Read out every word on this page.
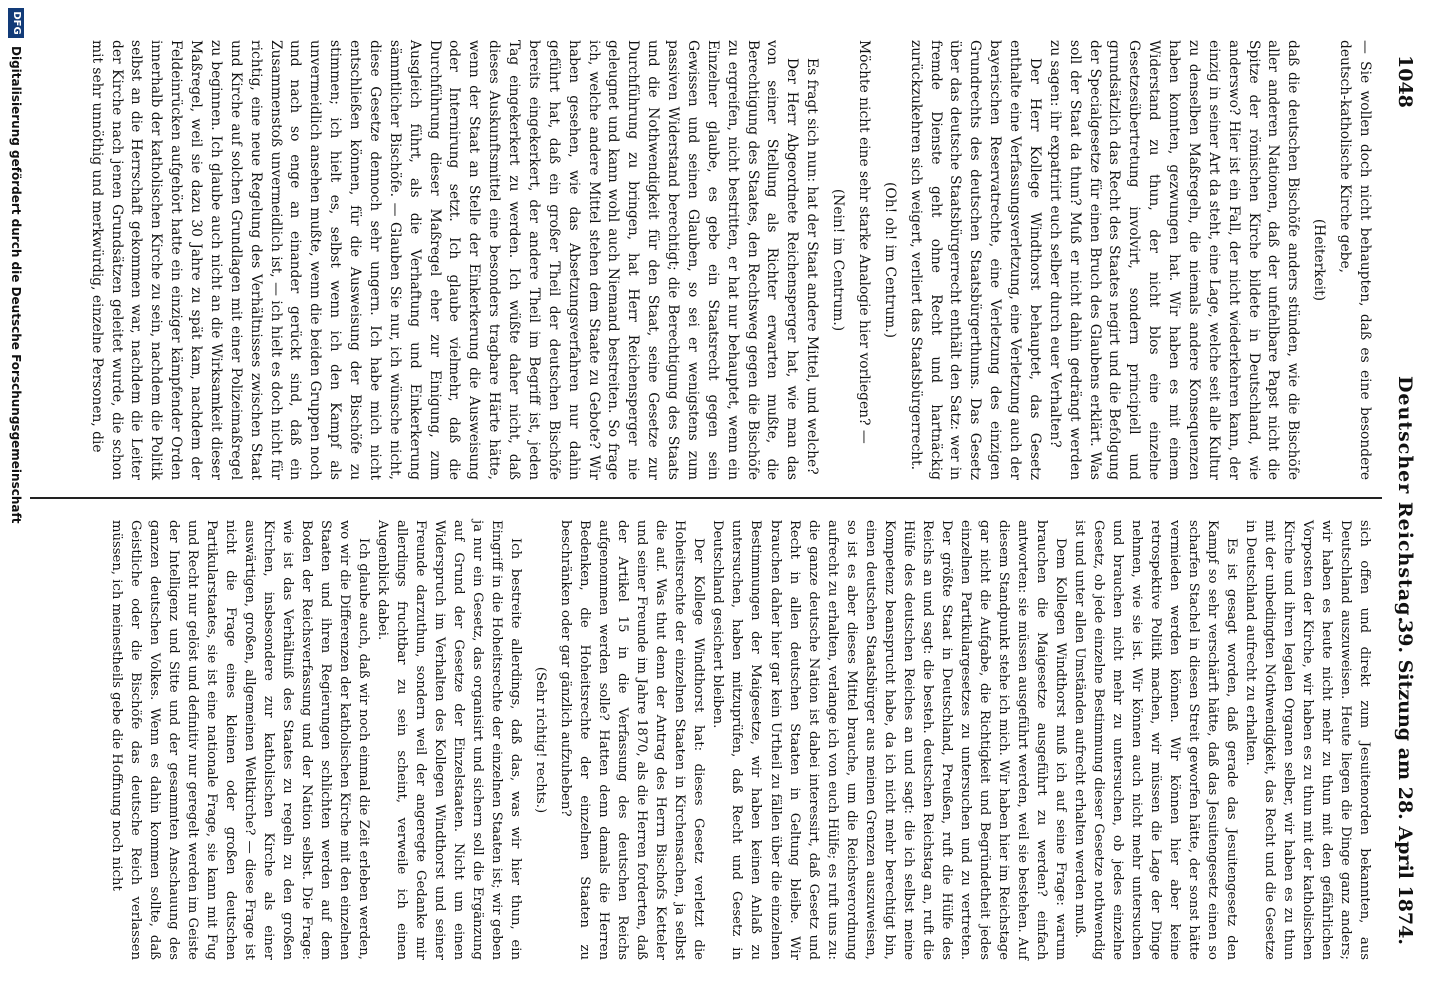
1048
Deutscher Reichstag.
39. Sitzung am 28. April 1874.

— Sie wollen doch nicht behaupten, daß es eine besondere deutsch-katholische Kirche gebe,

(Heiterkeit)

daß die deutschen Bischöfe anders stünden, wie die Bischöfe aller anderen Nationen, daß der unfehlbare Papst nicht die Spitze der römischen Kirche bildete in Deutschland, wie anderswo? Hier ist ein Fall, der nicht wiederkehren kann, der einzig in seiner Art da steht, eine Lage, welche seit alle Kultur zu denselben Maßregeln, die niemals andere Konsequenzen haben konnten, gezwungen hat. Wir haben es mit einem Widerstand zu thun, der nicht blos eine einzelne Gesetzesübertretung involvirt, sondern principiell und grundsätzlich das Recht des Staates negirt und die Befolgung der Specialgesetze für einen Bruch des Glaubens erklärt. Was soll der Staat da thun? Muß er nicht dahin gedrängt werden zu sagen: ihr expatriirt euch selber durch euer Verhalten?

Der Herr Kollege Windthorst behauptet, das Gesetz enthalte eine Verfassungsverletzung, eine Verletzung auch der bayerischen Reservatrechte, eine Verletzung des einzigen Grundrechts des deutschen Staatsbürgerthums. Das Gesetz über das deutsche Staatsbürgerrecht enthält den Satz: wer in fremde Dienste geht ohne Recht und hartnäckig zurückzukehren sich weigert, verliert das Staatsbürgerrecht.

(Oh! oh! im Centrum.)

Möchte nicht eine sehr starke Analogie hier vorliegen? —

(Nein! im Centrum.)

Es fragt sich nun: hat der Staat andere Mittel, und welche?

Der Herr Abgeordnete Reichensperger hat, wie man das von seiner Stellung als Richter erwarten mußte, die Berechtigung des Staates, den Rechtsweg gegen die Bischöfe zu ergreifen, nicht bestritten, er hat nur behauptet, wenn ein Einzelner glaube, es gebe ein Staatsrecht gegen sein Gewissen und seinen Glauben, so sei er wenigstens zum passiven Widerstand berechtigt; die Berechtigung des Staats und die Nothwendigkeit für den Staat, seine Gesetze zur Durchführung zu bringen, hat Herr Reichensperger nie geleugnet und kann wohl auch Niemand bestreiten. So frage ich, welche andere Mittel stehen dem Staate zu Gebote? Wir haben gesehen, wie das Absetzungsverfahren nur dahin geführt hat, daß ein großer Theil der deutschen Bischöfe bereits eingekerkert, der andere Theil im Begriff ist, jeden Tag eingekerkert zu werden. Ich wüßte daher nicht, daß dieses Auskunftsmittel eine besonders tragbare Härte hätte, wenn der Staat an Stelle der Einkerkerung die Ausweisung oder Internirung setzt. Ich glaube vielmehr, daß die Durchführung dieser Maßregel eher zur Einigung, zum Ausgleich führt, als die Verhaftung und Einkerkerung sämmtlicher Bischöfe. — Glauben Sie nur, ich wünsche nicht, diese Gesetze dennoch sehr ungern. Ich habe mich nicht entschließen können, für die Ausweisung der Bischöfe zu stimmen; ich hielt es, selbst wenn ich den Kampf als unvermeidlich ansehen mußte, wenn die beiden Gruppen noch und nach so enge an einander gerückt sind, daß ein Zusammenstoß unvermeidlich ist, — ich hielt es doch nicht für richtig, eine neue Regelung des Verhältnisses zwischen Staat und Kirche auf solchen Grundlagen mit einer Polizeimaßregel zu beginnen. Ich glaube auch nicht an die Wirksamkeit dieser Maßregel, weil sie dazu 30 Jahre zu spät kam, nachdem der Feldeinrücken aufgehört hatte ein einziger kämpfender Orden innerhalb der katholischen Kirche zu sein, nachdem die Politik selbst an die Herrschaft gekommen war, nachdem die Leiter der Kirche nach jenen Grundsätzen geleitet wurde, die schon mit sehr unnöthig und merkwürdig, einzelne Personen, die

sich offen und direkt zum Jesuitenorden bekannten, aus Deutschland auszuweisen. Heute liegen die Dinge ganz anders; wir haben es heute nicht mehr zu thun mit den gefährlichen Vorposten der Kirche, wir haben es zu thun mit der katholischen Kirche und ihren legalen Organen selber, wir haben es zu thun mit der unbedingten Nothwendigkeit, das Recht und die Gesetze in Deutschland aufrecht zu erhalten.

Es ist gesagt worden, daß gerade das Jesuitengesetz den Kampf so sehr verschärft hätte, daß das Jesuitengesetz einen so scharfen Stachel in diesen Streit geworfen hätte, der sonst hätte vermieden werden können. Wir können hier aber keine retrospektive Politik machen, wir müssen die Lage der Dinge nehmen, wie sie ist. Wir können auch nicht mehr untersuchen und brauchen nicht mehr zu untersuchen, ob jedes einzelne Gesetz, ob jede einzelne Bestimmung dieser Gesetze nothwendig ist und unter allen Umständen aufrecht erhalten werden muß.

Dem Kollegen Windthorst muß ich auf seine Frage: warum brauchen die Maigesetze ausgeführt zu werden? einfach antworten: sie müssen ausgeführt werden, weil sie bestehen. Auf diesem Standpunkt stehe ich mich. Wir haben hier im Reichstage gar nicht die Aufgabe, die Richtigkeit und Begründetheit jedes einzelnen Partikulargesetzes zu untersuchen und zu vertreten. Der größte Staat in Deutschland, Preußen, ruft die Hülfe des Reichs an und sagt: die besteh. deutschen Reichstag an, ruft die Hülfe des deutschen Reiches an und sagt: die ich selbst meine Kompetenz beansprucht habe, da ich nicht mehr berechtigt bin, einen deutschen Staatsbürger aus meinen Grenzen auszuweisen, so ist es aber dieses Mittel brauche, um die Reichsverordnung aufrecht zu erhalten, verlange ich von euch Hülfe; es ruft uns zu: die ganze deutsche Nation ist dabei interessirt, daß Gesetz und Recht in allen deutschen Staaten in Geltung bleibe. Wir brauchen daher hier gar kein Urtheil zu fällen über die einzelnen Bestimmungen der Maigesetze, wir haben keinen Anlaß zu untersuchen, haben mitzuprüfen, daß Recht und Gesetz in Deutschland gesichert bleiben.

Der Kollege Windthorst hat: dieses Gesetz verletzt die Hoheitsrechte der einzelnen Staaten in Kirchensachen, ja selbst die auf. Was thut denn der Antrag des Herrn Bischofs Ketteler und seiner Freunde im Jahre 1870, als die Herren forderten, daß der Artikel 15 in die Verfassung des deutschen Reichs aufgenommen werden solle? Hatten denn damals die Herren Bedenken, die Hoheitsrechte der einzelnen Staaten zu beschränken oder gar gänzlich aufzuheben?

(Sehr richtig! rechts.)

Ich bestreite allerdings, daß das, was wir hier thun, ein Eingriff in die Hoheitsrechte der einzelnen Staaten ist; wir geben ja nur ein Gesetz, das organisirt und sichern soll die Ergänzung auf Grund der Gesetze der Einzelstaaten. Nicht um einen Widerspruch im Verhalten des Kollegen Windthorst und seiner Freunde darzuthun, sondern weil der angeregte Gedanke mir allerdings fruchtbar zu sein scheint, verweile ich einen Augenblick dabei.

Ich glaube auch, daß wir noch einmal die Zeit erleben werden, wo wir die Differenzen der katholischen Kirche mit den einzelnen Staaten und ihren Regierungen schlichten werden auf dem Boden der Reichsverfassung und der Nation selbst. Die Frage: wie ist das Verhältniß des Staates zu regeln zu den großen Kirchen, insbesondere zur katholischen Kirche als einer auswärtigen, großen, allgemeinen Weltkirche? — diese Frage ist nicht die Frage eines kleinen oder großen deutschen Partikularstaates, sie ist eine nationale Frage, sie kann mit Fug und Recht nur gelöst und definitiv nur geregelt werden im Geiste der Intelligenz und Sitte und der gesammten Anschauung des ganzen deutschen Volkes. Wenn es dahin kommen sollte, daß Geistliche oder die Bischöfe das deutsche Reich verlassen müssen, ich meinestheils gebe die Hoffnung noch nicht

DFG
Digitalisierung gefördert durch die Deutsche Forschungsgemeinschaft
